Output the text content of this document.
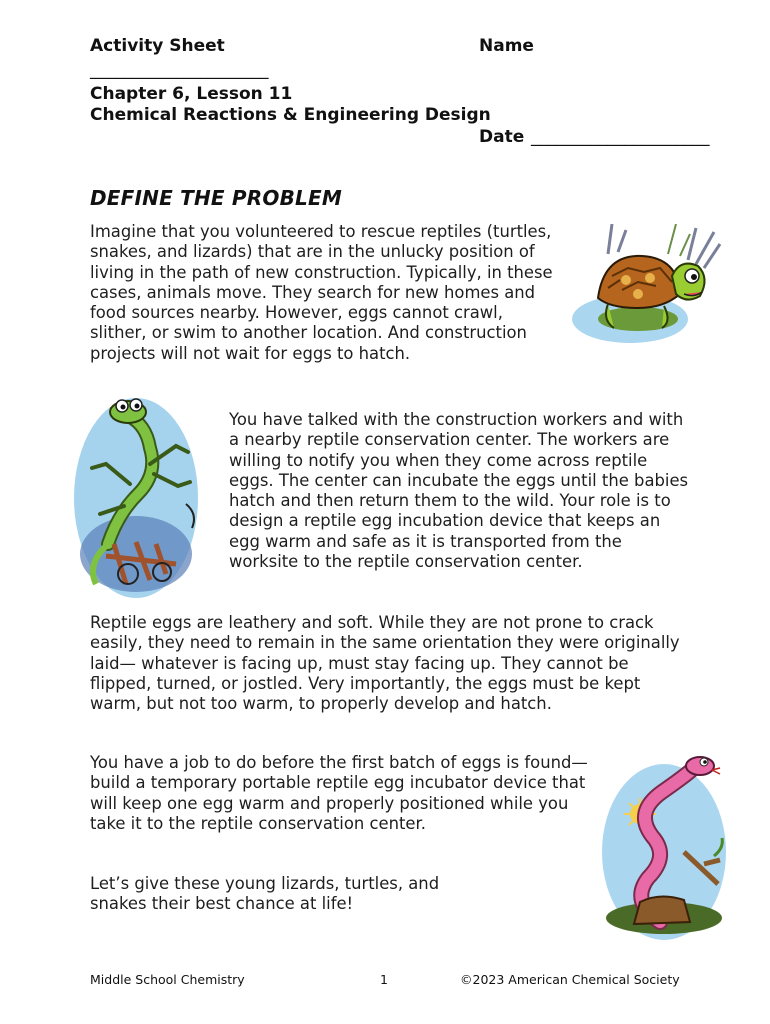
Activity Sheet	Name
_____________________
Chapter 6, Lesson 11
Chemical Reactions & Engineering Design
Date _____________________
DEFINE THE PROBLEM
Imagine that you volunteered to rescue reptiles (turtles, snakes, and lizards) that are in the unlucky position of living in the path of new construction. Typically, in these cases, animals move. They search for new homes and food sources nearby. However, eggs cannot crawl, slither, or swim to another location. And construction projects will not wait for eggs to hatch.
You have talked with the construction workers and with a nearby reptile conservation center. The workers are willing to notify you when they come across reptile eggs. The center can incubate the eggs until the babies hatch and then return them to the wild. Your role is to design a reptile egg incubation device that keeps an egg warm and safe as it is transported from the worksite to the reptile conservation center.
Reptile eggs are leathery and soft. While they are not prone to crack easily, they need to remain in the same orientation they were originally laid— whatever is facing up, must stay facing up. They cannot be flipped, turned, or jostled. Very importantly, the eggs must be kept warm, but not too warm, to properly develop and hatch.
You have a job to do before the first batch of eggs is found—build a temporary portable reptile egg incubator device that will keep one egg warm and properly positioned while you take it to the reptile conservation center.
Let’s give these young lizards, turtles, and snakes their best chance at life!
Middle School Chemistry	1	©2023 American Chemical Society
